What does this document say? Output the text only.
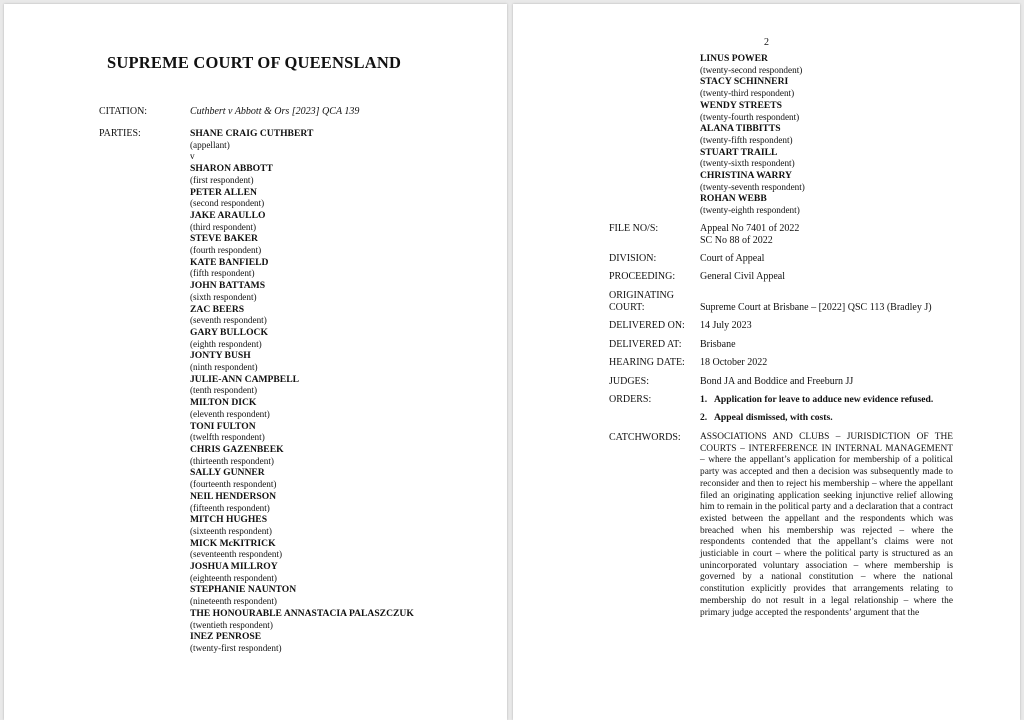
SUPREME COURT OF QUEENSLAND
CITATION:	Cuthbert v Abbott & Ors [2023] QCA 139
PARTIES:	SHANE CRAIG CUTHBERT
(appellant)
v
SHARON ABBOTT
(first respondent)
PETER ALLEN
(second respondent)
JAKE ARAULLO
(third respondent)
STEVE BAKER
(fourth respondent)
KATE BANFIELD
(fifth respondent)
JOHN BATTAMS
(sixth respondent)
ZAC BEERS
(seventh respondent)
GARY BULLOCK
(eighth respondent)
JONTY BUSH
(ninth respondent)
JULIE-ANN CAMPBELL
(tenth respondent)
MILTON DICK
(eleventh respondent)
TONI FULTON
(twelfth respondent)
CHRIS GAZENBEEK
(thirteenth respondent)
SALLY GUNNER
(fourteenth respondent)
NEIL HENDERSON
(fifteenth respondent)
MITCH HUGHES
(sixteenth respondent)
MICK McKITRICK
(seventeenth respondent)
JOSHUA MILLROY
(eighteenth respondent)
STEPHANIE NAUNTON
(nineteenth respondent)
THE HONOURABLE ANNASTACIA PALASZCZUK
(twentieth respondent)
INEZ PENROSE
(twenty-first respondent)
2
LINUS POWER
(twenty-second respondent)
STACY SCHINNERI
(twenty-third respondent)
WENDY STREETS
(twenty-fourth respondent)
ALANA TIBBITTS
(twenty-fifth respondent)
STUART TRAILL
(twenty-sixth respondent)
CHRISTINA WARRY
(twenty-seventh respondent)
ROHAN WEBB
(twenty-eighth respondent)
FILE NO/S:	Appeal No 7401 of 2022
SC No 88 of 2022
DIVISION:	Court of Appeal
PROCEEDING: General Civil Appeal
ORIGINATING
COURT:	Supreme Court at Brisbane – [2022] QSC 113 (Bradley J)
DELIVERED ON: 14 July 2023
DELIVERED AT: Brisbane
HEARING DATE: 18 October 2022
JUDGES:	Bond JA and Boddice and Freeburn JJ
ORDERS:	1. Application for leave to adduce new evidence refused.
2. Appeal dismissed, with costs.
CATCHWORDS: ASSOCIATIONS AND CLUBS – JURISDICTION OF THE COURTS – INTERFERENCE IN INTERNAL MANAGEMENT – where the appellant’s application for membership of a political party was accepted and then a decision was subsequently made to reconsider and then to reject his membership – where the appellant filed an originating application seeking injunctive relief allowing him to remain in the political party and a declaration that a contract existed between the appellant and the respondents which was breached when his membership was rejected – where the respondents contended that the appellant’s claims were not justiciable in court – where the political party is structured as an unincorporated voluntary association – where membership is governed by a national constitution – where the national constitution explicitly provides that arrangements relating to membership do not result in a legal relationship – where the primary judge accepted the respondents’ argument that the
